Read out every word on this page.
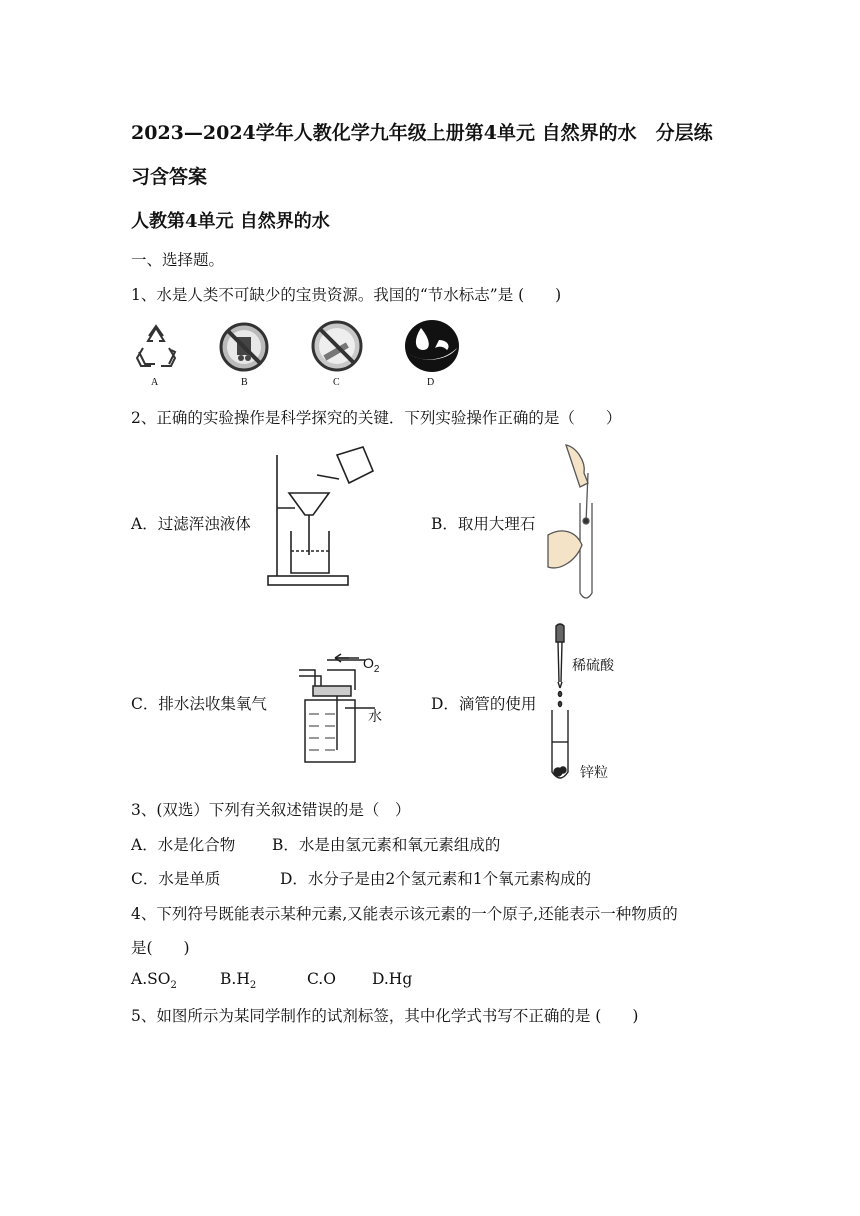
2023—2024学年人教化学九年级上册第4单元 自然界的水　分层练
习含答案
人教第4单元 自然界的水
一、选择题。
1、水是人类不可缺少的宝贵资源。我国的“节水标志”是 (　　)
A	B	C	D
2、正确的实验操作是科学探究的关键．下列实验操作正确的是（　　）
A．过滤浑浊液体	B．取用大理石
C．排水法收集氧气
$O_2$
水
D．滴管的使用
稀硫酸
锌粒
3、(双选）下列有关叙述错误的是（　）
A．水是化合物 B．水是由氢元素和氧元素组成的
C．水是单质	D．水分子是由2个氢元素和1个氧元素构成的
4、下列符号既能表示某种元素,又能表示该元素的一个原子,还能表示一种物质的
是(　　)
$A.SO_2$	$B.H_2$	C.O D.Hg
5、如图所示为某同学制作的试剂标签，其中化学式书写不正确的是 (　　)
